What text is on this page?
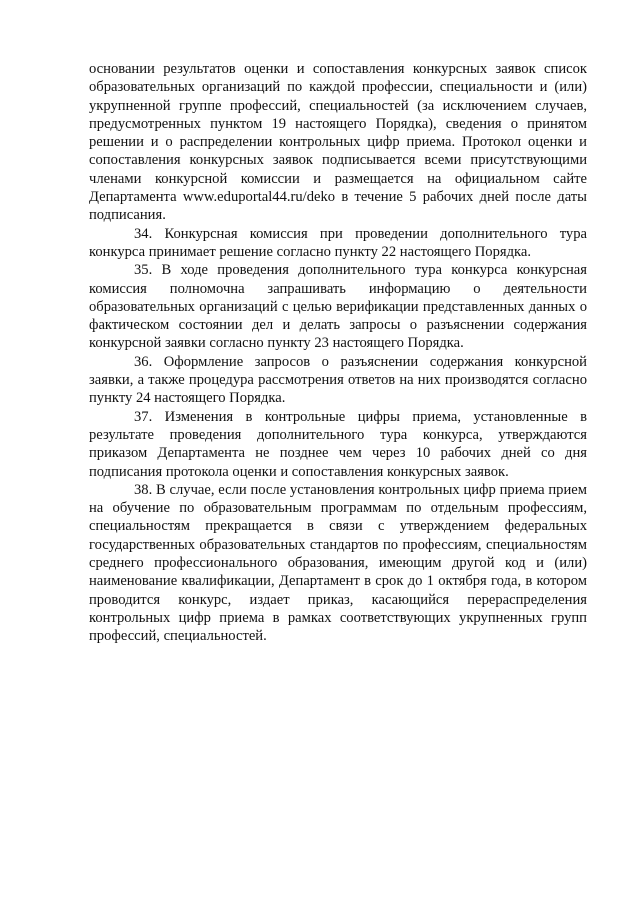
основании результатов оценки и сопоставления конкурсных заявок список образовательных организаций по каждой профессии, специальности и (или) укрупненной группе профессий, специальностей (за исключением случаев, предусмотренных пунктом 19 настоящего Порядка), сведения о принятом решении и о распределении контрольных цифр приема. Протокол оценки и сопоставления конкурсных заявок подписывается всеми присутствующими членами конкурсной комиссии и размещается на официальном сайте Департамента www.eduportal44.ru/deko в течение 5 рабочих дней после даты подписания.

34. Конкурсная комиссия при проведении дополнительного тура конкурса принимает решение согласно пункту 22 настоящего Порядка.

35. В ходе проведения дополнительного тура конкурса конкурсная комиссия полномочна запрашивать информацию о деятельности образовательных организаций с целью верификации представленных данных о фактическом состоянии дел и делать запросы о разъяснении содержания конкурсной заявки согласно пункту 23 настоящего Порядка.

36. Оформление запросов о разъяснении содержания конкурсной заявки, а также процедура рассмотрения ответов на них производятся согласно пункту 24 настоящего Порядка.

37. Изменения в контрольные цифры приема, установленные в результате проведения дополнительного тура конкурса, утверждаются приказом Департамента не позднее чем через 10 рабочих дней со дня подписания протокола оценки и сопоставления конкурсных заявок.

38. В случае, если после установления контрольных цифр приема прием на обучение по образовательным программам по отдельным профессиям, специальностям прекращается в связи с утверждением федеральных государственных образовательных стандартов по профессиям, специальностям среднего профессионального образования, имеющим другой код и (или) наименование квалификации, Департамент в срок до 1 октября года, в котором проводится конкурс, издает приказ, касающийся перераспределения контрольных цифр приема в рамках соответствующих укрупненных групп профессий, специальностей.
